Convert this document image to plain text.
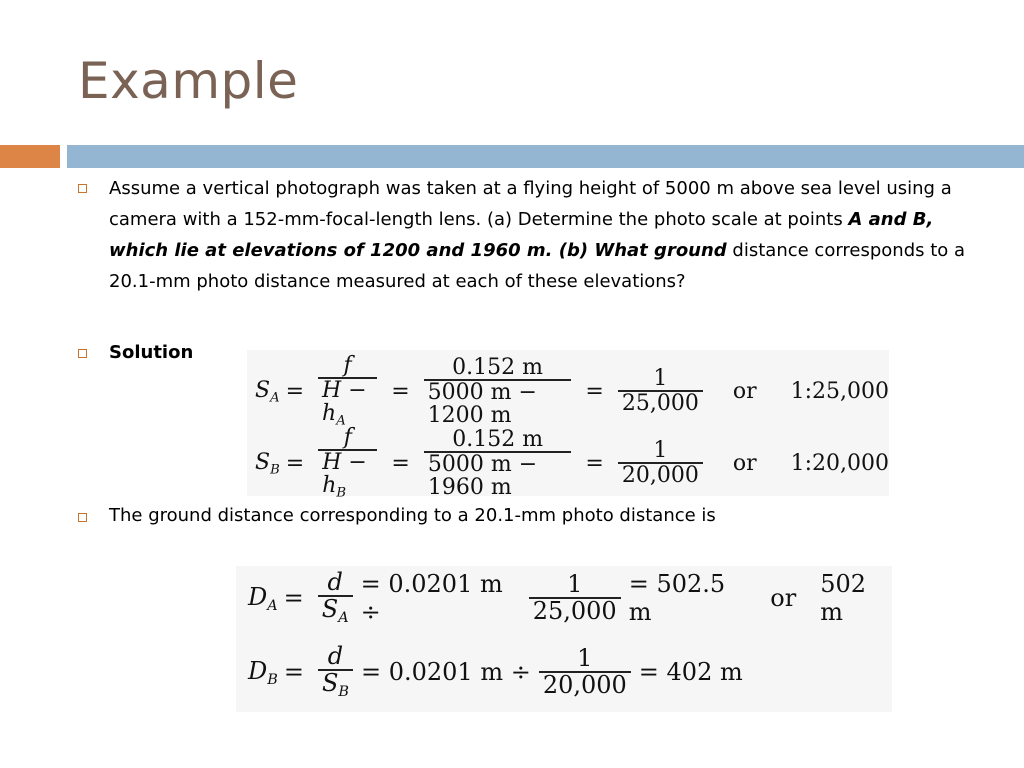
Example
Assume a vertical photograph was taken at a flying height of 5000 m above sea level using a camera with a 152-mm-focal-length lens. (a) Determine the photo scale at points A and B, which lie at elevations of 1200 and 1960 m. (b) What ground distance corresponds to a 20.1-mm photo distance measured at each of these elevations?
Solution
$S_A = \frac{f}{H - h_A} = \frac{0.152 m}{5000 m - 1200 m} = \frac{1}{25,000}$ or 1:25,000
$S_B = \frac{f}{H - h_B} = \frac{0.152 m}{5000 m - 1960 m} = \frac{1}{20,000}$ or 1:20,000
The ground distance corresponding to a 20.1-mm photo distance is
$D_A = \frac{d}{S_A} = 0.0201$ m ÷	$\frac{1}{25,000} = 502.5$ m	or 502 m
$D_B = \frac{d}{S_B} = 0.0201$ $m \div \frac{1}{20,000} = 402$ m
